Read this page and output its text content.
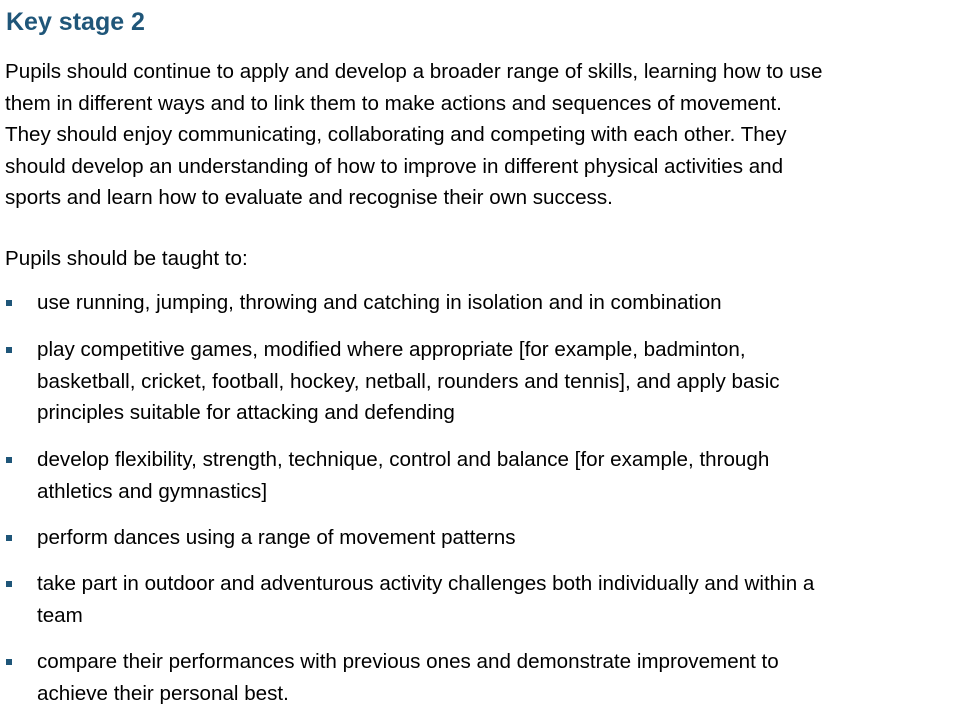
Key stage 2
Pupils should continue to apply and develop a broader range of skills, learning how to use
them in different ways and to link them to make actions and sequences of movement.
They should enjoy communicating, collaborating and competing with each other. They
should develop an understanding of how to improve in different physical activities and
sports and learn how to evaluate and recognise their own success.

Pupils should be taught to:

use running, jumping, throwing and catching in isolation and in combination
play competitive games, modified where appropriate [for example, badminton,
basketball, cricket, football, hockey, netball, rounders and tennis], and apply basic
principles suitable for attacking and defending
develop flexibility, strength, technique, control and balance [for example, through
athletics and gymnastics]
perform dances using a range of movement patterns
take part in outdoor and adventurous activity challenges both individually and within a
team
compare their performances with previous ones and demonstrate improvement to
achieve their personal best.
